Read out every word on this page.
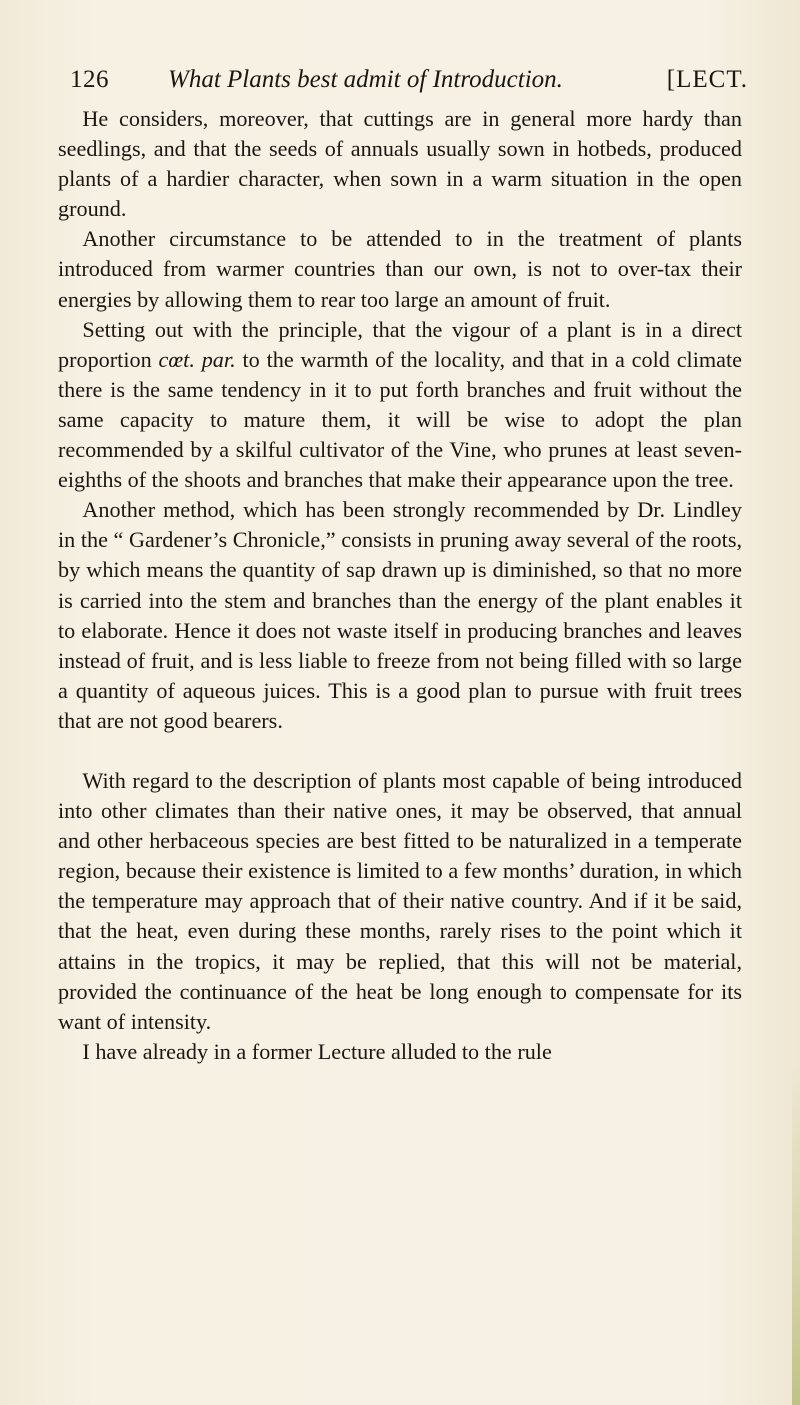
126 What Plants best admit of Introduction.	[LECT.

He considers, moreover, that cuttings are in general more hardy than seedlings, and that the seeds of annuals usually sown in hotbeds, produced plants of a hardier character, when sown in a warm situation in the open ground.

Another circumstance to be attended to in the treatment of plants introduced from warmer countries than our own, is not to over-tax their energies by allowing them to rear too large an amount of fruit.

Setting out with the principle, that the vigour of a plant is in a direct proportion cœt. par. to the warmth of the locality, and that in a cold climate there is the same tendency in it to put forth branches and fruit without the same capacity to mature them, it will be wise to adopt the plan recommended by a skilful cultivator of the Vine, who prunes at least seven-eighths of the shoots and branches that make their appearance upon the tree.

Another method, which has been strongly recommended by Dr. Lindley in the “ Gardener’s Chronicle,” consists in pruning away several of the roots, by which means the quantity of sap drawn up is diminished, so that no more is carried into the stem and branches than the energy of the plant enables it to elaborate. Hence it does not waste itself in producing branches and leaves instead of fruit, and is less liable to freeze from not being filled with so large a quantity of aqueous juices. This is a good plan to pursue with fruit trees that are not good bearers.

With regard to the description of plants most capable of being introduced into other climates than their native ones, it may be observed, that annual and other herbaceous species are best fitted to be naturalized in a temperate region, because their existence is limited to a few months’ duration, in which the temperature may approach that of their native country. And if it be said, that the heat, even during these months, rarely rises to the point which it attains in the tropics, it may be replied, that this will not be material, provided the continuance of the heat be long enough to compensate for its want of intensity.

I have already in a former Lecture alluded to the rule
